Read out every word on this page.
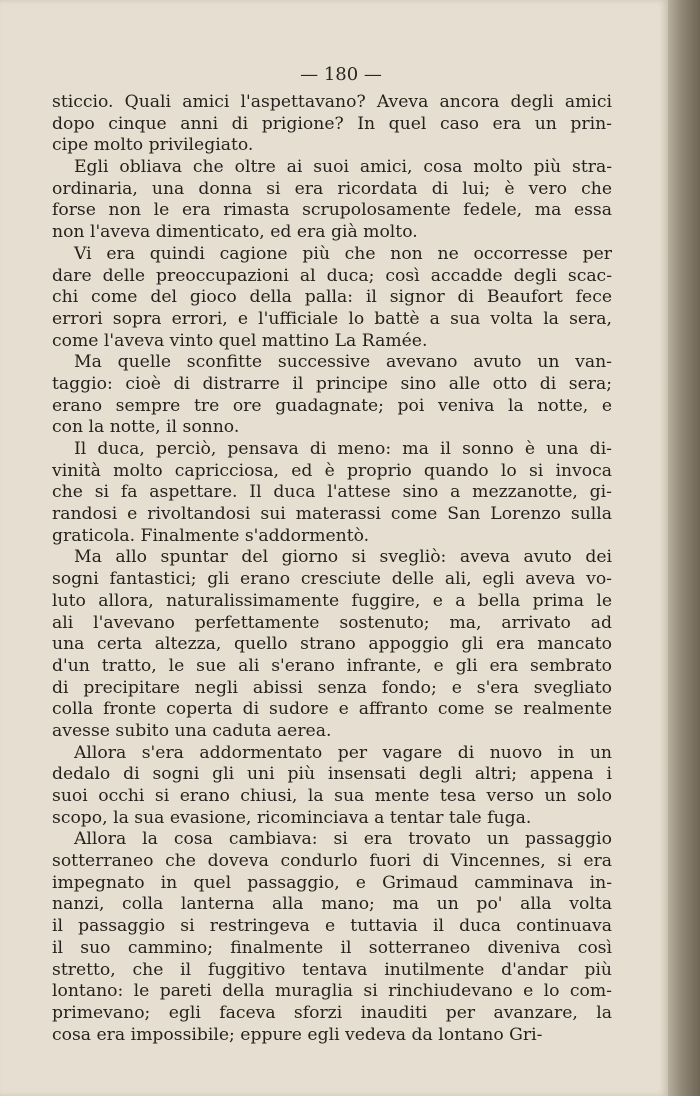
— 180 —
sticcio. Quali amici l'aspettavano? Aveva ancora degli amici
dopo cinque anni di prigione? In quel caso era un prin-
cipe molto privilegiato.
Egli obliava che oltre ai suoi amici, cosa molto più stra-
ordinaria, una donna si era ricordata di lui; è vero che
forse non le era rimasta scrupolosamente fedele, ma essa
non l'aveva dimenticato, ed era già molto.
Vi era quindi cagione più che non ne occorresse per
dare delle preoccupazioni al duca; così accadde degli scac-
chi come del gioco della palla: il signor di Beaufort fece
errori sopra errori, e l'ufficiale lo battè a sua volta la sera,
come l'aveva vinto quel mattino La Ramée.
Ma quelle sconfitte successive avevano avuto un van-
taggio: cioè di distrarre il principe sino alle otto di sera;
erano sempre tre ore guadagnate; poi veniva la notte, e
con la notte, il sonno.
Il duca, perciò, pensava di meno: ma il sonno è una di-
vinità molto capricciosa, ed è proprio quando lo si invoca
che si fa aspettare. Il duca l'attese sino a mezzanotte, gi-
randosi e rivoltandosi sui materassi come San Lorenzo sulla
graticola. Finalmente s'addormentò.
Ma allo spuntar del giorno si svegliò: aveva avuto dei
sogni fantastici; gli erano cresciute delle ali, egli aveva vo-
luto allora, naturalissimamente fuggire, e a bella prima le
ali l'avevano perfettamente sostenuto; ma, arrivato ad
una certa altezza, quello strano appoggio gli era mancato
d'un tratto, le sue ali s'erano infrante, e gli era sembrato
di precipitare negli abissi senza fondo; e s'era svegliato
colla fronte coperta di sudore e affranto come se realmente
avesse subito una caduta aerea.
Allora s'era addormentato per vagare di nuovo in un
dedalo di sogni gli uni più insensati degli altri; appena i
suoi occhi si erano chiusi, la sua mente tesa verso un solo
scopo, la sua evasione, ricominciava a tentar tale fuga.
Allora la cosa cambiava: si era trovato un passaggio
sotterraneo che doveva condurlo fuori di Vincennes, si era
impegnato in quel passaggio, e Grimaud camminava in-
nanzi, colla lanterna alla mano; ma un po' alla volta
il passaggio si restringeva e tuttavia il duca continuava
il suo cammino; finalmente il sotterraneo diveniva così
stretto, che il fuggitivo tentava inutilmente d'andar più
lontano: le pareti della muraglia si rinchiudevano e lo com-
primevano; egli faceva sforzi inauditi per avanzare, la
cosa era impossibile; eppure egli vedeva da lontano Gri-
